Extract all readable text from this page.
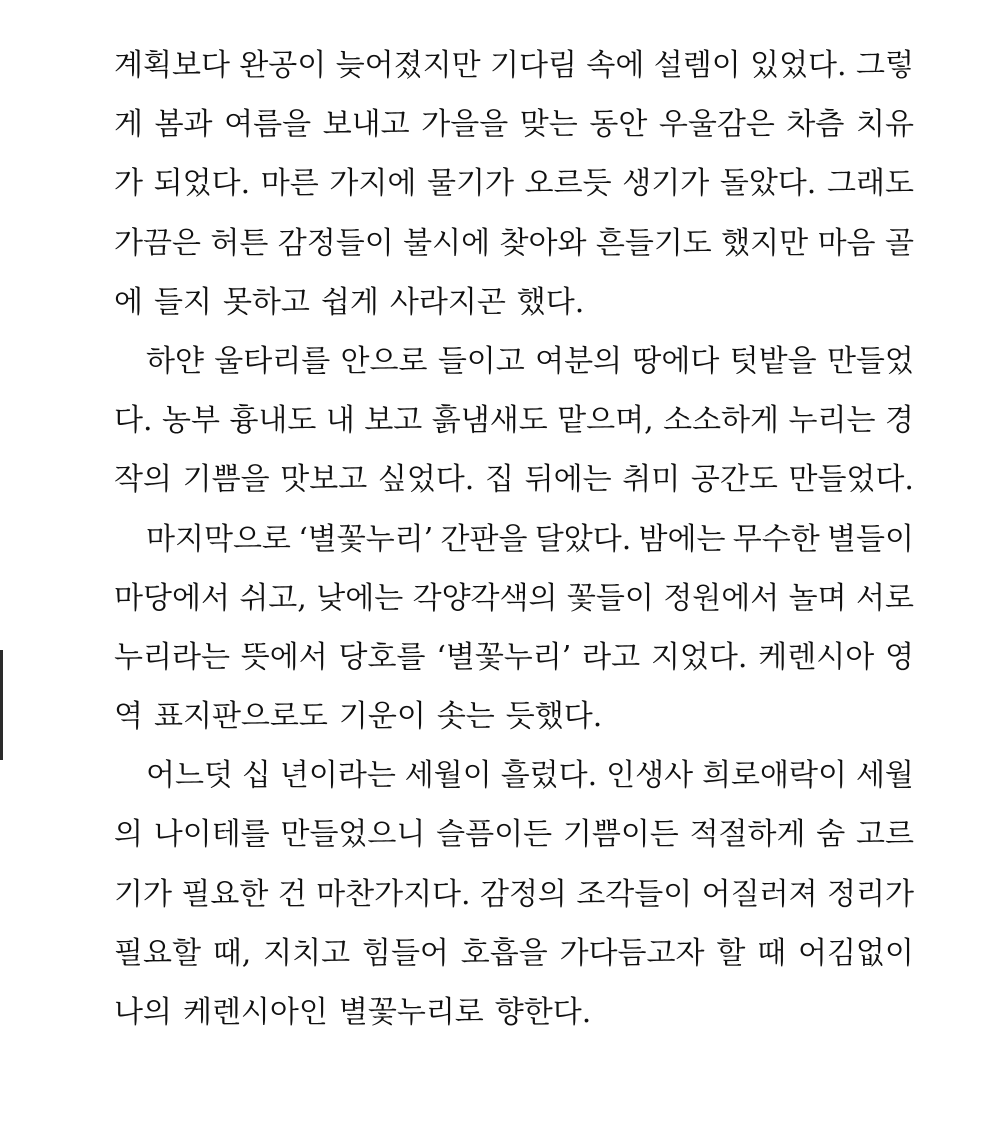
계획보다 완공이 늦어졌지만 기다림 속에 설렘이 있었다. 그렇
게 봄과 여름을 보내고 가을을 맞는 동안 우울감은 차츰 치유
가 되었다. 마른 가지에 물기가 오르듯 생기가 돌았다. 그래도
가끔은 허튼 감정들이 불시에 찾아와 흔들기도 했지만 마음 골
에 들지 못하고 쉽게 사라지곤 했다.
하얀 울타리를 안으로 들이고 여분의 땅에다 텃밭을 만들었
다. 농부 흉내도 내 보고 흙냄새도 맡으며, 소소하게 누리는 경
작의 기쁨을 맛보고 싶었다. 집 뒤에는 취미 공간도 만들었다.
마지막으로 ‘별꽃누리’ 간판을 달았다. 밤에는 무수한 별들이
마당에서 쉬고, 낮에는 각양각색의 꽃들이 정원에서 놀며 서로
누리라는 뜻에서 당호를 ‘별꽃누리’ 라고 지었다. 케렌시아 영
역 표지판으로도 기운이 솟는 듯했다.
어느덧 십 년이라는 세월이 흘렀다. 인생사 희로애락이 세월
의 나이테를 만들었으니 슬픔이든 기쁨이든 적절하게 숨 고르
기가 필요한 건 마찬가지다. 감정의 조각들이 어질러져 정리가
필요할 때, 지치고 힘들어 호흡을 가다듬고자 할 때 어김없이
나의 케렌시아인 별꽃누리로 향한다.
